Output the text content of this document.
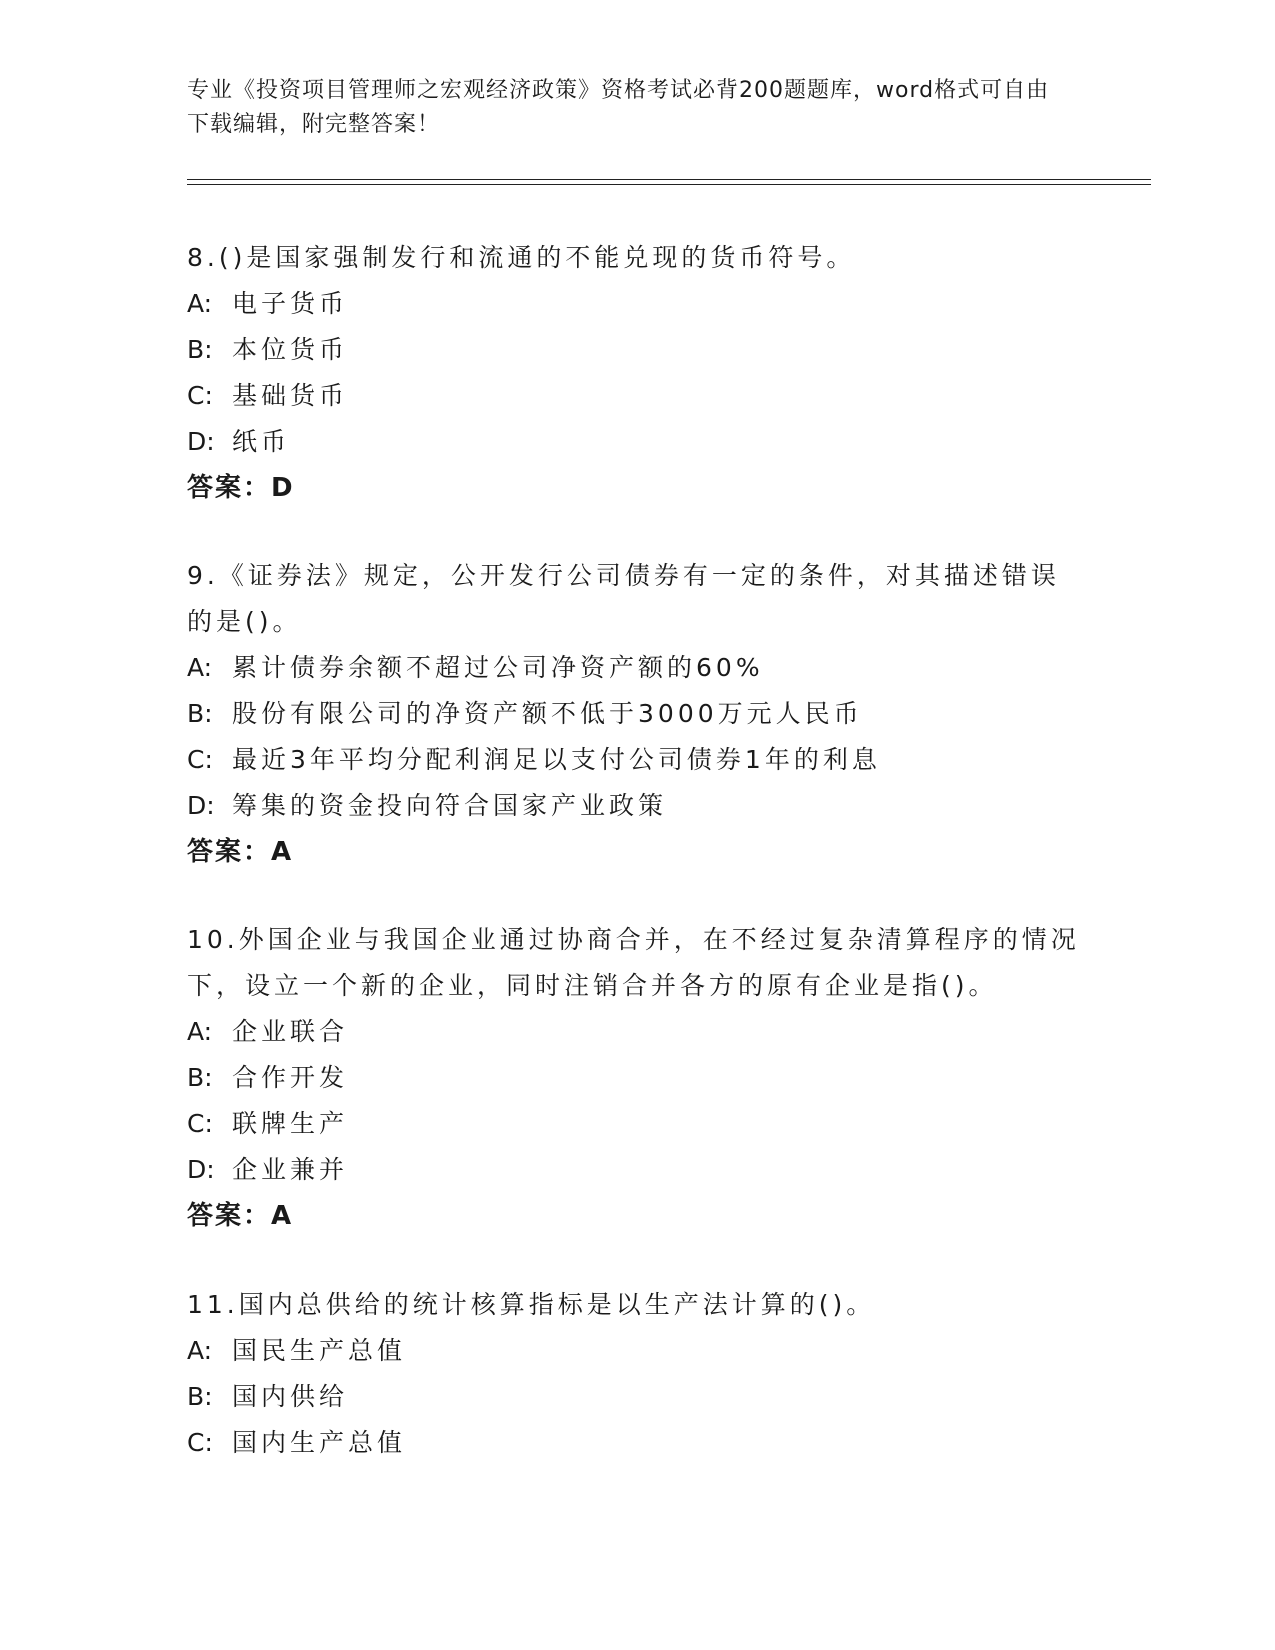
专业《投资项目管理师之宏观经济政策》资格考试必背200题题库，word格式可自由下载编辑，附完整答案！

8.()是国家强制发行和流通的不能兑现的货币符号。

A: 电子货币

B: 本位货币

C: 基础货币

D: 纸币

答案：D

9.《证券法》规定，公开发行公司债券有一定的条件，对其描述错误的是()。

A: 累计债券余额不超过公司净资产额的60%

B: 股份有限公司的净资产额不低于3000万元人民币

C: 最近3年平均分配利润足以支付公司债券1年的利息

D: 筹集的资金投向符合国家产业政策

答案：A

10.外国企业与我国企业通过协商合并，在不经过复杂清算程序的情况下，设立一个新的企业，同时注销合并各方的原有企业是指()。

A: 企业联合

B: 合作开发

C: 联牌生产

D: 企业兼并

答案：A

11.国内总供给的统计核算指标是以生产法计算的()。

A: 国民生产总值

B: 国内供给

C: 国内生产总值
